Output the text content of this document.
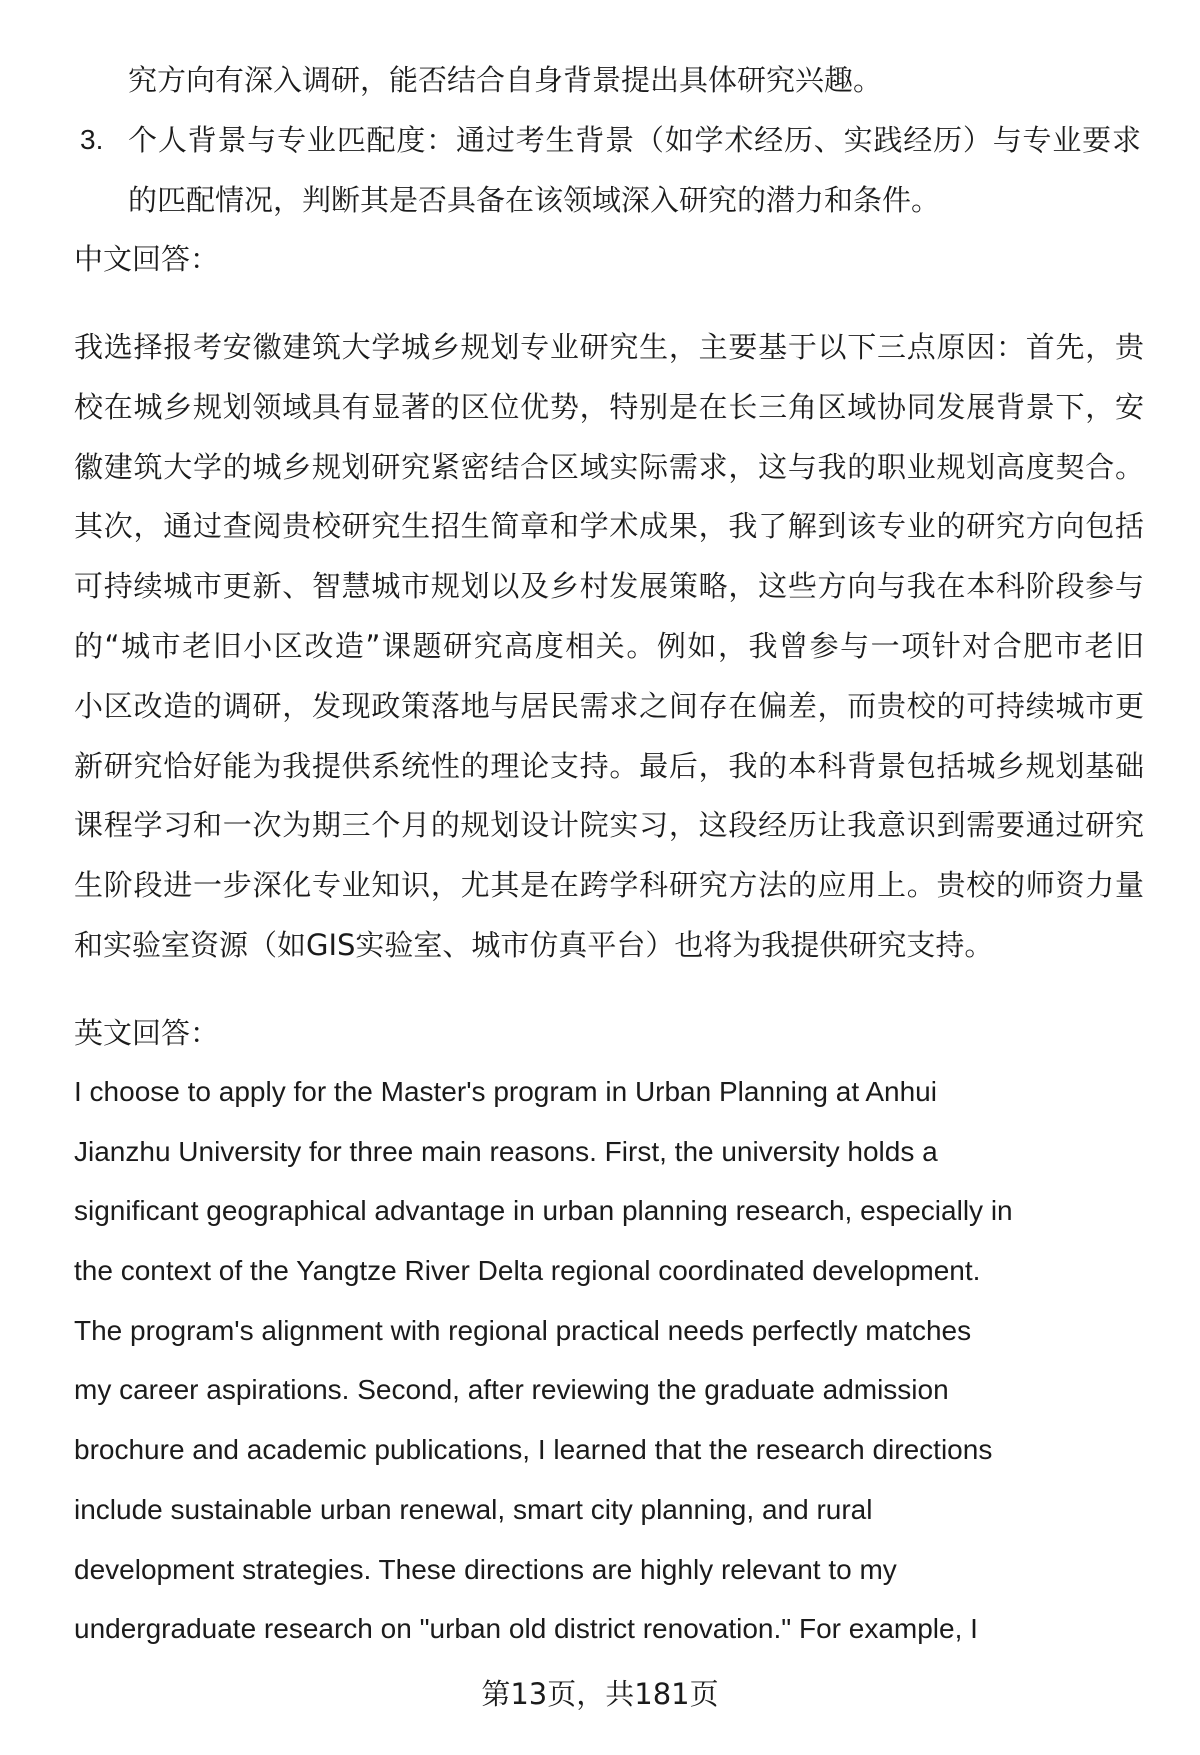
究方向有深入调研，能否结合自身背景提出具体研究兴趣。
3. 个人背景与专业匹配度：通过考生背景（如学术经历、实践经历）与专业要求
的匹配情况，判断其是否具备在该领域深入研究的潜力和条件。
中文回答：
我选择报考安徽建筑大学城乡规划专业研究生，主要基于以下三点原因：首先，贵
校在城乡规划领域具有显著的区位优势，特别是在长三角区域协同发展背景下，安
徽建筑大学的城乡规划研究紧密结合区域实际需求，这与我的职业规划高度契合。
其次，通过查阅贵校研究生招生简章和学术成果，我了解到该专业的研究方向包括
可持续城市更新、智慧城市规划以及乡村发展策略，这些方向与我在本科阶段参与
的“城市老旧小区改造”课题研究高度相关。例如，我曾参与一项针对合肥市老旧
小区改造的调研，发现政策落地与居民需求之间存在偏差，而贵校的可持续城市更
新研究恰好能为我提供系统性的理论支持。最后，我的本科背景包括城乡规划基础
课程学习和一次为期三个月的规划设计院实习，这段经历让我意识到需要通过研究
生阶段进一步深化专业知识，尤其是在跨学科研究方法的应用上。贵校的师资力量
和实验室资源（如GIS实验室、城市仿真平台）也将为我提供研究支持。
英文回答：
I choose to apply for the Master's program in Urban Planning at Anhui
Jianzhu University for three main reasons. First, the university holds a
significant geographical advantage in urban planning research, especially in
the context of the Yangtze River Delta regional coordinated development.
The program's alignment with regional practical needs perfectly matches
my career aspirations. Second, after reviewing the graduate admission
brochure and academic publications, I learned that the research directions
include sustainable urban renewal, smart city planning, and rural
development strategies. These directions are highly relevant to my
undergraduate research on "urban old district renovation." For example, I
第13页，共181页
